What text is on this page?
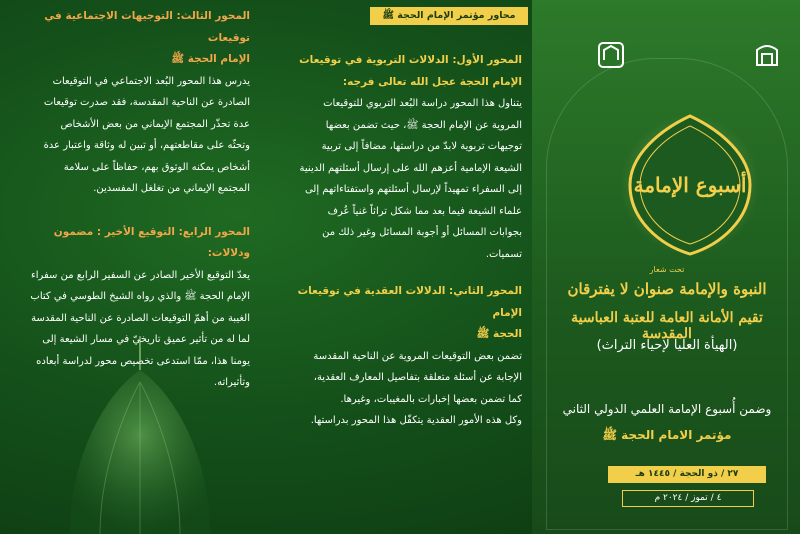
المحور الثالث: التوجيهات الاجتماعية في توقيعات

الإمام الحجة ﷺ

يدرس هذا المحور البُعد الاجتماعي في التوقيعات

الصادرة عن الناحية المقدسة، فقد صدرت توقيعات

عدة تحذّر المجتمع الإيماني من بعض الأشخاص

وتحثّه على مقاطعتهم، أو تبين له وثاقة واعتبار عدة

أشخاص يمكنه الوثوق بهم، حفاظاً على سلامة

المجتمع الإيماني من تغلغل المفسدين.

المحور الرابع: التوقيع الأخير : مضمون ودلالات:

يعدّ التوقيع الأخير الصادر عن السفير الرابع من سفراء

الإمام الحجة ﷺ والذي رواه الشيخ الطوسي في كتاب

الغيبة من أهمّ التوقيعات الصادرة عن الناحية المقدسة

لما له من تأثير عميق تاريخيّ في مسار الشيعة إلى

يومنا هذا، ممّا استدعى تخصيص محور لدراسة أبعاده

وتأثيراته.

محاور مؤتمر الإمام الحجة ﷺ

المحور الأول: الدلالات التربوية في توقيعات

الإمام الحجة عجل الله تعالى فرجه:

يتناول هذا المحور دراسة البُعد التربوي للتوقيعات

المروية عن الإمام الحجة ﷺ، حيث تضمن بعضها

توجيهات تربوية لابدّ من دراستها، مضافاً إلى تربية

الشيعة الإمامية أعزهم الله على إرسال أسئلتهم الدينية

إلى السفراء تمهيداً لإرسال أسئلتهم واستفتاءاتهم إلى

علماء الشيعة فيما بعد مما شكل تراثاً غنياً عُرف

بجوابات المسائل أو أجوبة المسائل وغير ذلك من

تسميات.

المحور الثاني: الدلالات العقدية في توقيعات الإمام

الحجة ﷺ

تضمن بعض التوقيعات المروية عن الناحية المقدسة

الإجابة عن أسئلة متعلقة بتفاصيل المعارف العقدية،

كما تضمن بعضها إخبارات بالمغيبات، وغيرها.

وكل هذه الأمور العقدية يتكفّل هذا المحور بدراستها.

أسبوع الإمامة
تحت شعار
النبوة والإمامة صنوان لا يفترقان
تقيم الأمانة العامة للعتبة العباسية المقدسة
(الهيأة العليا لإحياء التراث)
وضمن أُسبوع الإمامة العلمي الدولي الثاني
مؤتمر الامام الحجة ﷺ
٢٧ / ذو الحجة / ١٤٤٥ هـ
٤ / تموز / ٢٠٢٤ م
